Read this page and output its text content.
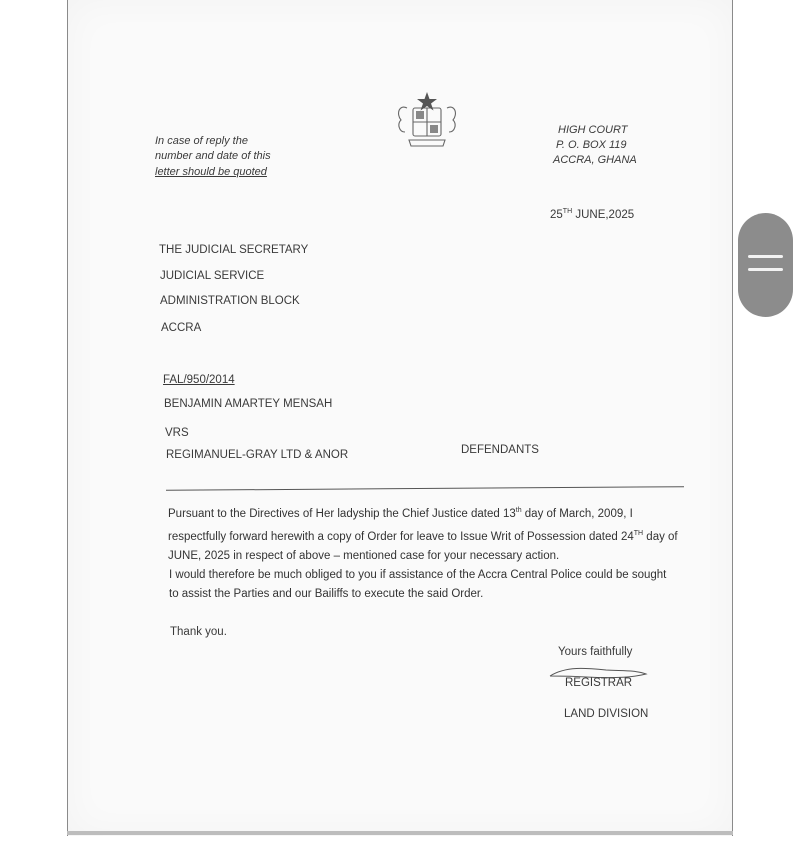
In case of reply the
number and date of this
letter should be quoted
HIGH COURT
P. O. BOX 119
ACCRA, GHANA
25TH JUNE,2025
THE JUDICIAL SECRETARY
JUDICIAL SERVICE
ADMINISTRATION BLOCK
ACCRA
FAL/950/2014
BENJAMIN AMARTEY MENSAH
VRS
REGIMANUEL-GRAY LTD & ANOR	DEFENDANTS
Pursuant to the Directives of Her ladyship the Chief Justice dated 13th day of March, 2009, I respectfully forward herewith a copy of Order for leave to Issue Writ of Possession dated 24TH day of JUNE, 2025 in respect of above – mentioned case for your necessary action.
I would therefore be much obliged to you if assistance of the Accra Central Police could be sought to assist the Parties and our Bailiffs to execute the said Order.
Thank you.
Yours faithfully
REGISTRAR
LAND DIVISION
